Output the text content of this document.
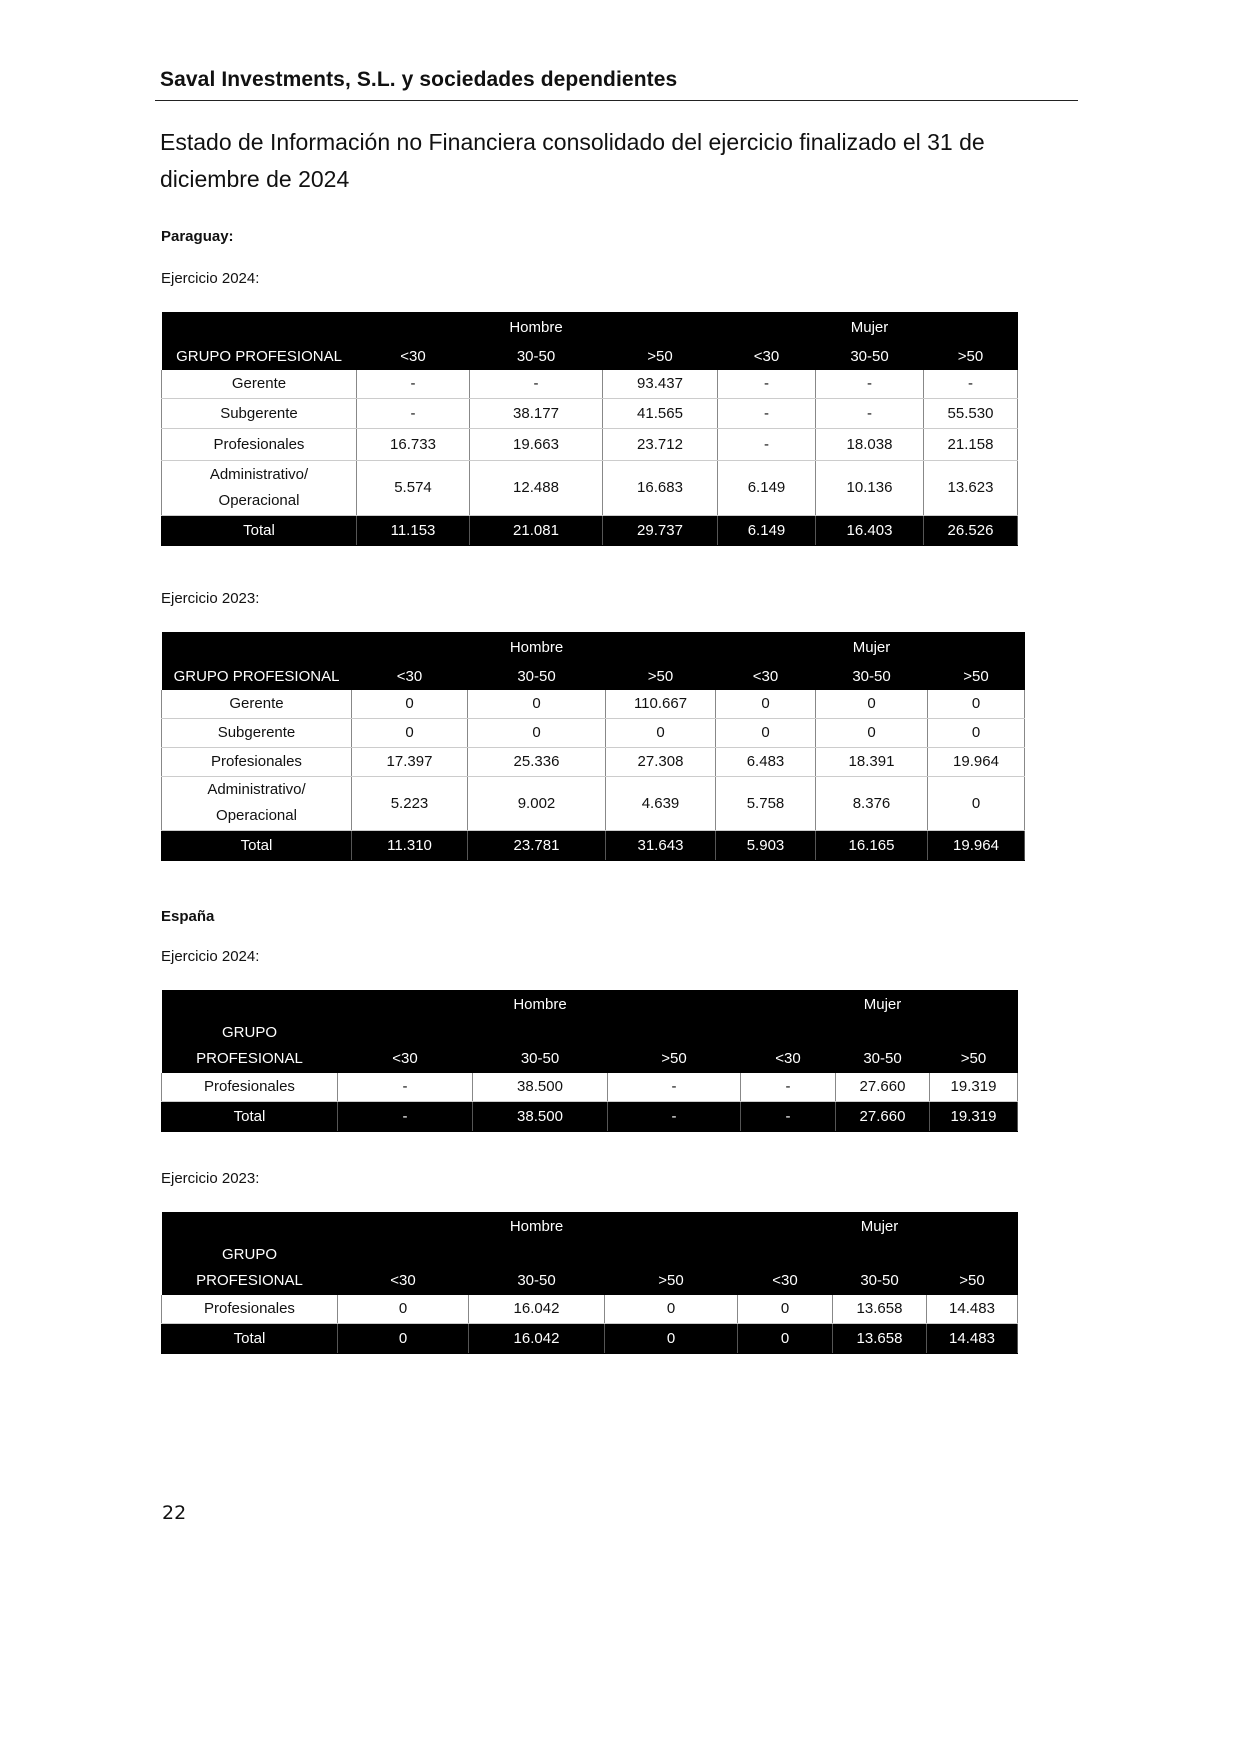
Saval Investments, S.L. y sociedades dependientes
Estado de Información no Financiera consolidado del ejercicio finalizado el 31 de diciembre de 2024
Paraguay:
Ejercicio 2024:
		Hombre			Mujer	
GRUPO PROFESIONAL	<30	30-50	>50	<30	30-50	>50
Gerente	-	-	93.437	-	-	-
Subgerente	-	38.177	41.565	-	-	55.530
Profesionales	16.733	19.663	23.712	-	18.038	21.158

Administrativo/
Operacional	5.574	12.488	16.683	6.149	10.136	13.623
Total	11.153	21.081	29.737	6.149	16.403	26.526
Ejercicio 2023:
		Hombre			Mujer	
GRUPO PROFESIONAL	<30	30-50	>50	<30	30-50	>50
Gerente	0	0	110.667	0	0	0
Subgerente	0	0	0	0	0	0
Profesionales	17.397	25.336	27.308	6.483	18.391	19.964

Administrativo/
Operacional	5.223	9.002	4.639	5.758	8.376	0
Total	11.310	23.781	31.643	5.903	16.165	19.964
España
Ejercicio 2024:
		Hombre			Mujer	

GRUPO
PROFESIONAL	<30	30-50	>50	<30	30-50	>50
Profesionales	-	38.500	-	-	27.660	19.319
Total	-	38.500	-	-	27.660	19.319
Ejercicio 2023:
		Hombre			Mujer	

GRUPO
PROFESIONAL	<30	30-50	>50	<30	30-50	>50
Profesionales	0	16.042	0	0	13.658	14.483
Total	0	16.042	0	0	13.658	14.483
22
